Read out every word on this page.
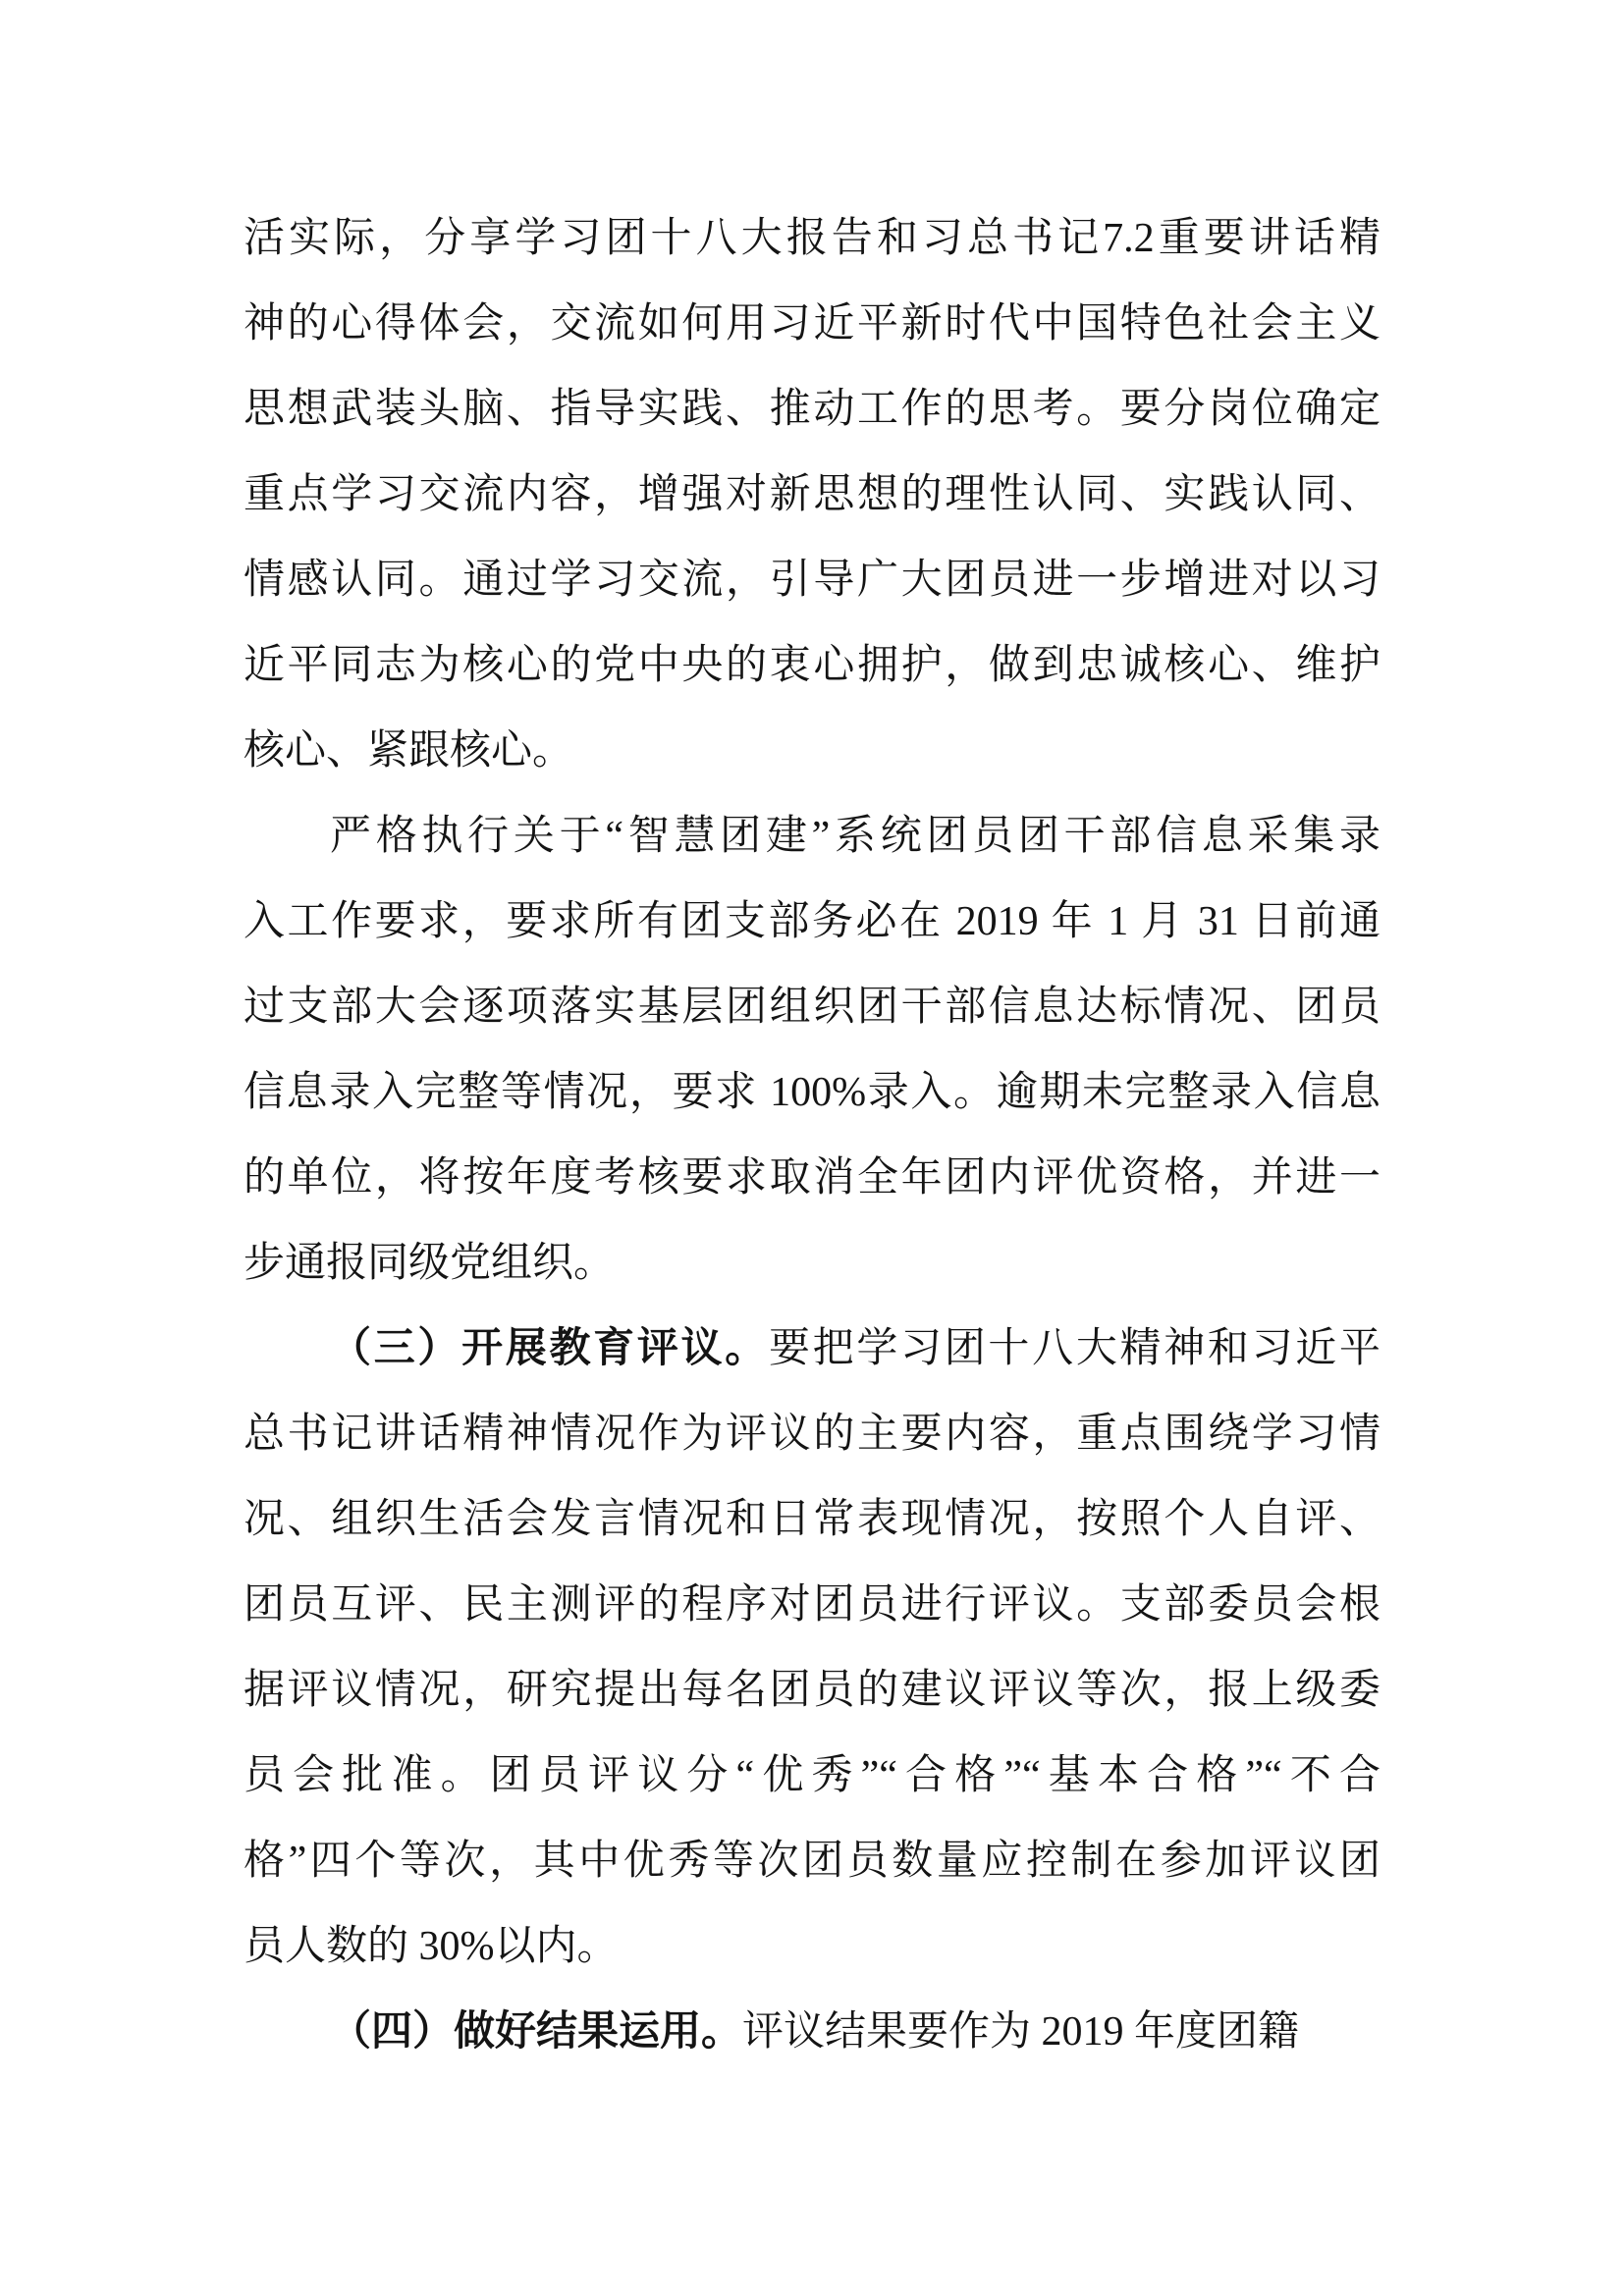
活实际，分享学习团十八大报告和习总书记7.2重要讲话精
神的心得体会，交流如何用习近平新时代中国特色社会主义
思想武装头脑、指导实践、推动工作的思考。要分岗位确定
重点学习交流内容，增强对新思想的理性认同、实践认同、
情感认同。通过学习交流，引导广大团员进一步增进对以习
近平同志为核心的党中央的衷心拥护，做到忠诚核心、维护
核心、紧跟核心。
严格执行关于“智慧团建”系统团员团干部信息采集录
入工作要求，要求所有团支部务必在 2019 年 1 月 31 日前通
过支部大会逐项落实基层团组织团干部信息达标情况、团员
信息录入完整等情况，要求 100%录入。逾期未完整录入信息
的单位，将按年度考核要求取消全年团内评优资格，并进一
步通报同级党组织。
（三）开展教育评议。要把学习团十八大精神和习近平
总书记讲话精神情况作为评议的主要内容，重点围绕学习情
况、组织生活会发言情况和日常表现情况，按照个人自评、
团员互评、民主测评的程序对团员进行评议。支部委员会根
据评议情况，研究提出每名团员的建议评议等次，报上级委
员会批准。团员评议分“优秀”“合格”“基本合格”“不合
格”四个等次，其中优秀等次团员数量应控制在参加评议团
员人数的 30%以内。
（四）做好结果运用。评议结果要作为 2019 年度团籍
